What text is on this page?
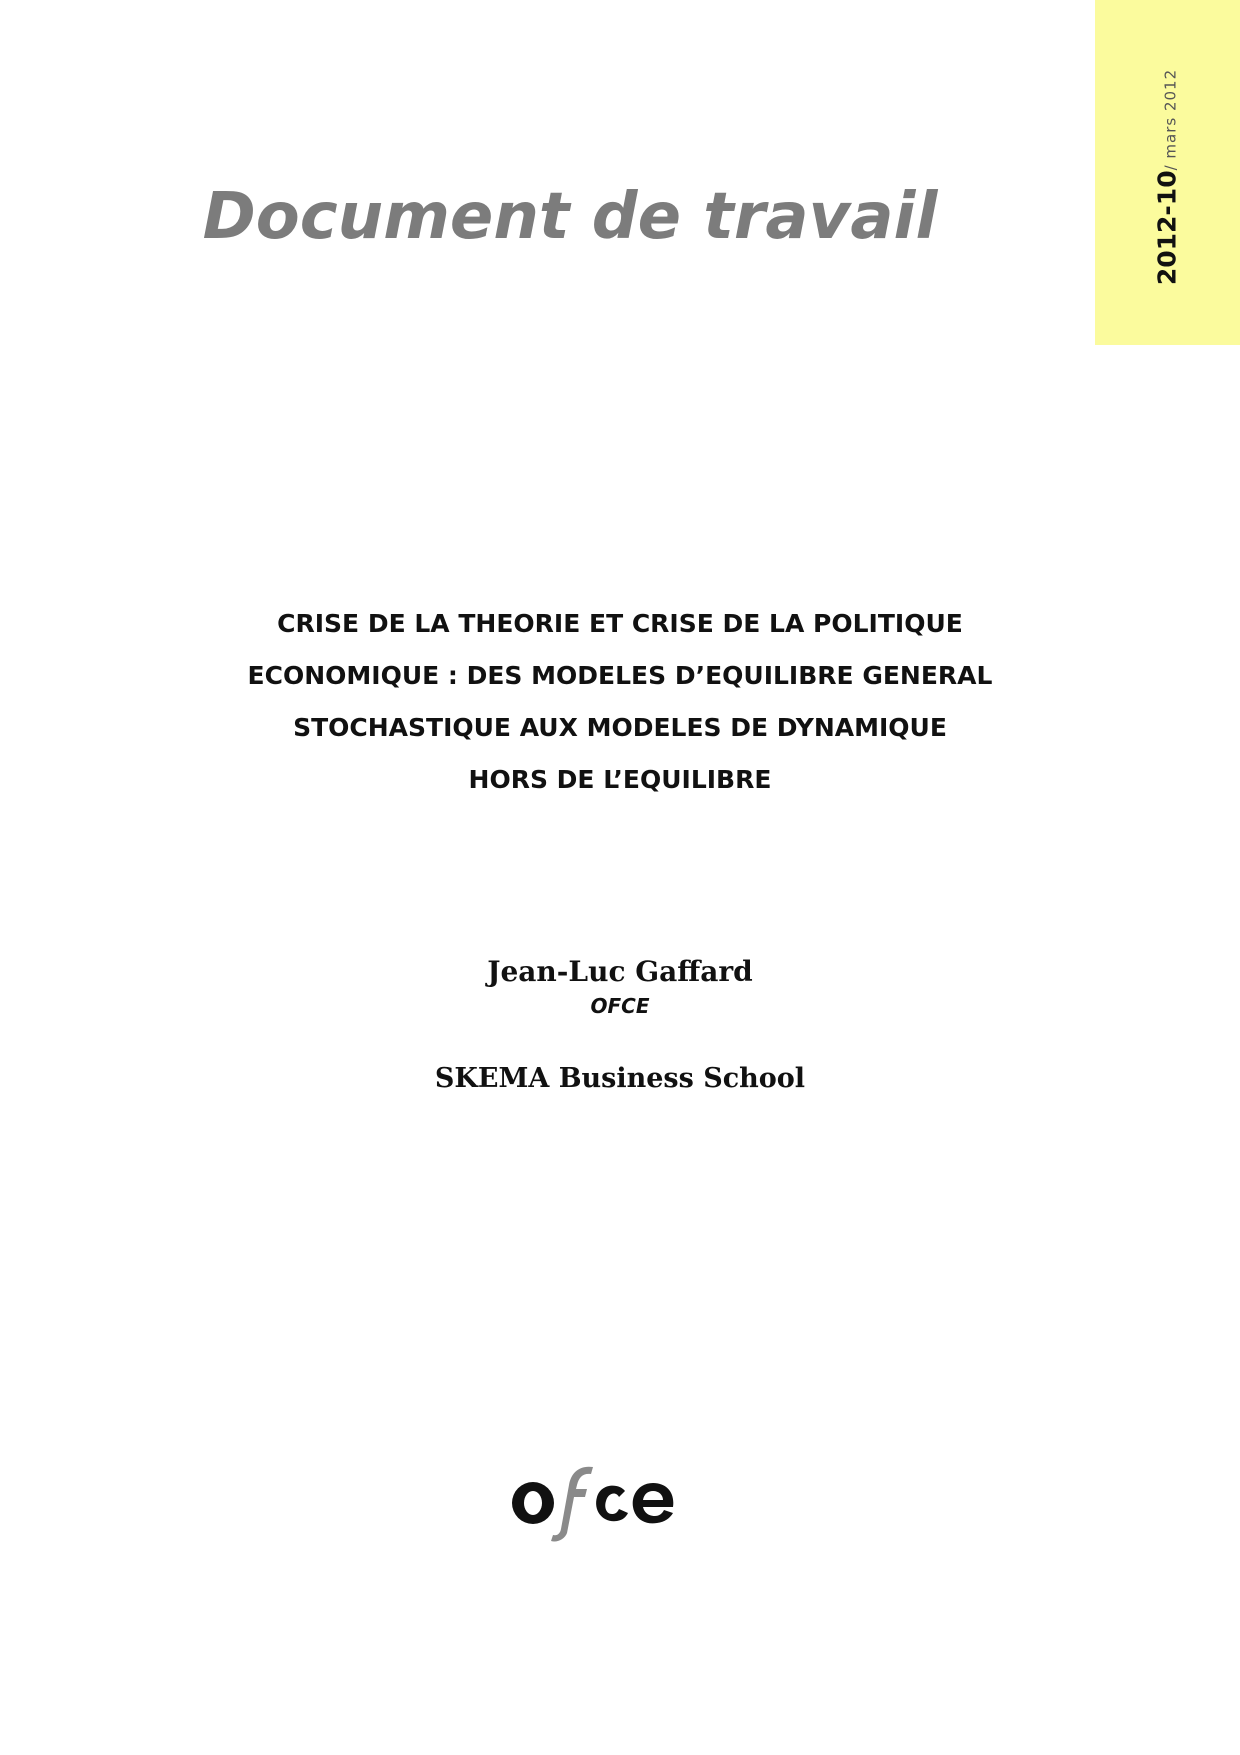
2012-10/ mars 2012
Document de travail
CRISE DE LA THEORIE ET CRISE DE LA POLITIQUE
ECONOMIQUE : DES MODELES D’EQUILIBRE GENERAL
STOCHASTIQUE AUX MODELES DE DYNAMIQUE
HORS DE L’EQUILIBRE
Jean-Luc Gaffard
OFCE
SKEMA Business School
